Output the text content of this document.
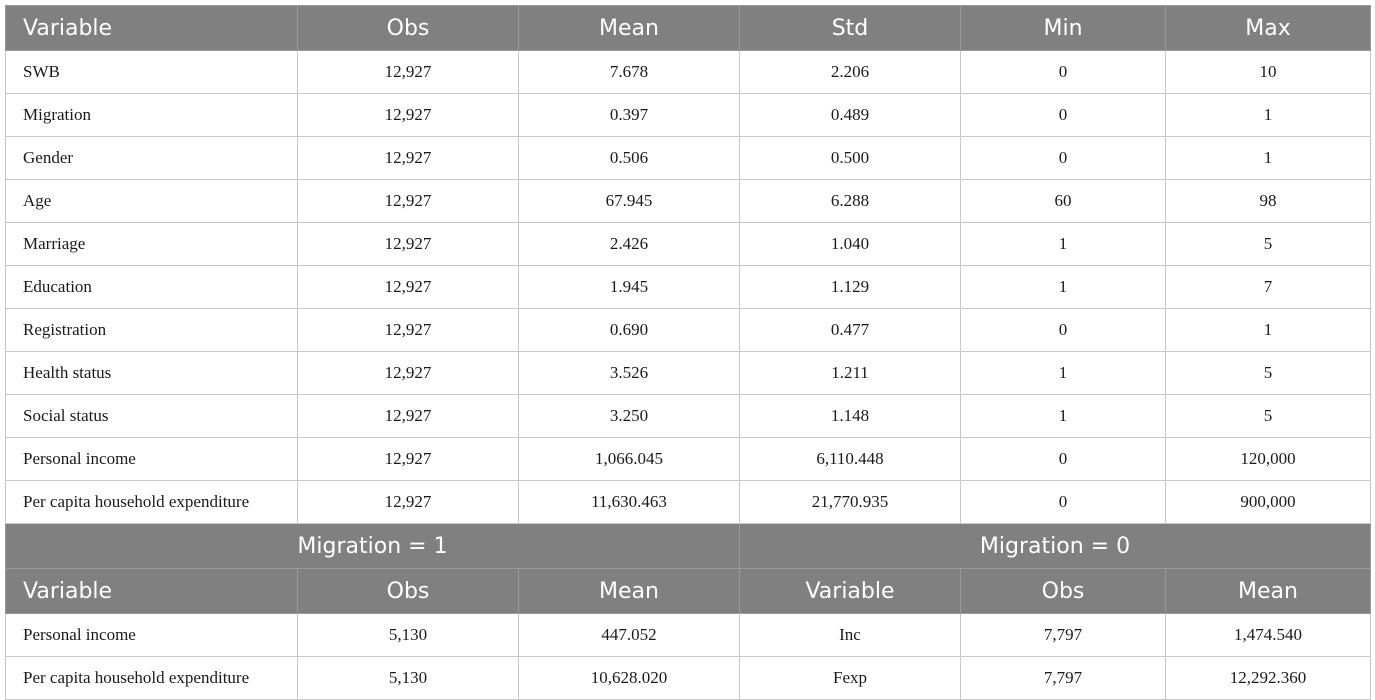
Variable	Obs	Mean	Std	Min	Max
SWB	12,927	7.678	2.206	0	10
Migration	12,927	0.397	0.489	0	1
Gender	12,927	0.506	0.500	0	1
Age	12,927	67.945	6.288	60	98
Marriage	12,927	2.426	1.040	1	5
Education	12,927	1.945	1.129	1	7
Registration	12,927	0.690	0.477	0	1
Health status	12,927	3.526	1.211	1	5
Social status	12,927	3.250	1.148	1	5
Personal income	12,927	1,066.045	6,110.448	0	120,000
Per capita household expenditure	12,927	11,630.463	21,770.935	0	900,000
Migration = 1			Migration = 0		
Variable	Obs	Mean	Variable	Obs	Mean
Personal income	5,130	447.052	Inc	7,797	1,474.540
Per capita household expenditure	5,130	10,628.020	Fexp	7,797	12,292.360
